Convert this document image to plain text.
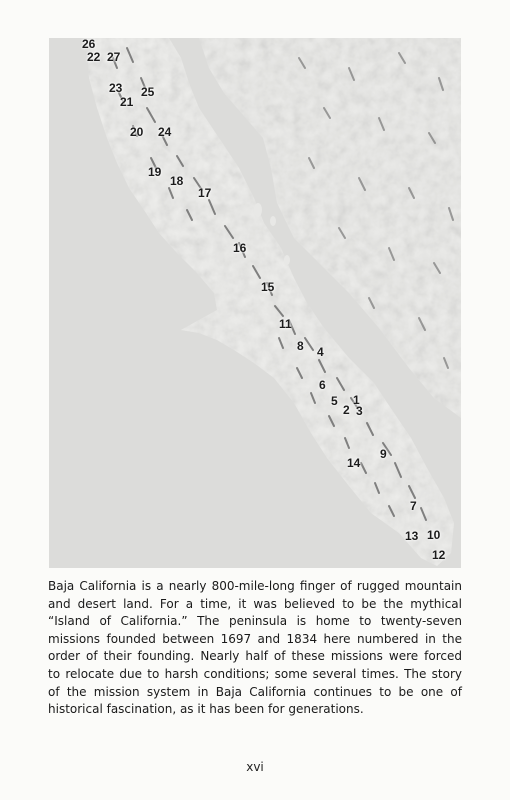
26
22 27
23 25
21
20 24
19
18
17
16
15
11
8 4
6
5
2
1
3
9
14
7
13 10
12

Baja California is a nearly 800-mile-long finger of rugged mountain
and desert land. For a time, it was believed to be the mythical
“Island of California.” The peninsula is home to twenty-seven
missions founded between 1697 and 1834 here numbered in the
order of their founding. Nearly half of these missions were forced
to relocate due to harsh conditions; some several times. The story
of the mission system in Baja California continues to be one of
historical fascination, as it has been for generations.

xvi
